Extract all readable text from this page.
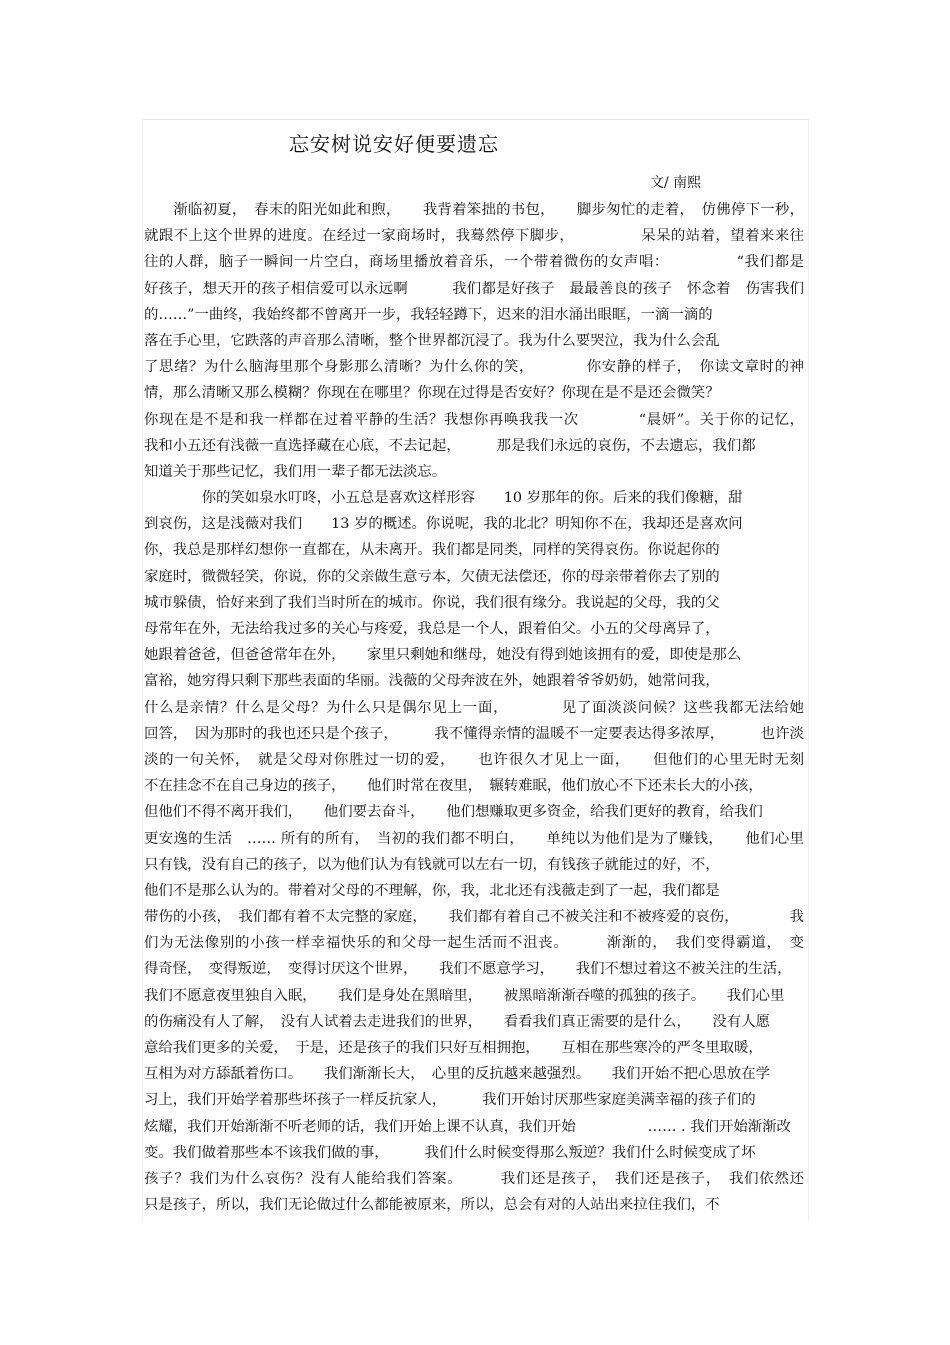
忘安树说安好便要遗忘
文/ 南熙
　　渐临初夏，　春末的阳光如此和煦，　　我背着笨拙的书包，　　脚步匆忙的走着，　仿佛停下一秒，
就跟不上这个世界的进度。在经过一家商场时，我蓦然停下脚步，　　　　　呆呆的站着，望着来来往
往的人群，脑子一瞬间一片空白，商场里播放着音乐，一个带着微伤的女声唱：　　　　　“我们都是
好孩子，想天开的孩子相信爱可以永远啊　　　我们都是好孩子　最最善良的孩子　怀念着　伤害我们
的……”一曲终，我始终都不曾离开一步，我轻轻蹲下，迟来的泪水涌出眼眶，一滴一滴的
落在手心里，它跌落的声音那么清晰，整个世界都沉浸了。我为什么要哭泣，我为什么会乱
了思绪？为什么脑海里那个身影那么清晰？为什么你的笑，　　　　你安静的样子，　你读文章时的神
情，那么清晰又那么模糊？你现在在哪里？你现在过得是否安好？你现在是不是还会微笑？
你现在是不是和我一样都在过着平静的生活？我想你再唤我我一次　　　　“晨妍”。关于你的记忆，
我和小五还有浅薇一直选择藏在心底，不去记起，　　　那是我们永远的哀伤，不去遗忘，我们都
知道关于那些记忆，我们用一辈子都无法淡忘。
　　　　你的笑如泉水叮咚，小五总是喜欢这样形容　　10 岁那年的你。后来的我们像糖，甜
到哀伤，这是浅薇对我们　　13 岁的概述。你说呢，我的北北？明知你不在，我却还是喜欢问
你，我总是那样幻想你一直都在，从未离开。我们都是同类，同样的笑得哀伤。你说起你的
家庭时，微微轻笑，你说，你的父亲做生意亏本，欠债无法偿还，你的母亲带着你去了别的
城市躲债，恰好来到了我们当时所在的城市。你说，我们很有缘分。我说起的父母，我的父
母常年在外，无法给我过多的关心与疼爱，我总是一个人，跟着伯父。小五的父母离异了，
她跟着爸爸，但爸爸常年在外，　　家里只剩她和继母，她没有得到她该拥有的爱，即使是那么
富裕，她穷得只剩下那些表面的华丽。浅薇的父母奔波在外，她跟着爷爷奶奶，她常问我，
什么是亲情？什么是父母？为什么只是偶尔见上一面，　　　　见了面淡淡问候？这些我都无法给她
回答，　因为那时的我也还只是个孩子，　　　我不懂得亲情的温暖不一定要表达得多浓厚，　　　也许淡
淡的一句关怀，　就是父母对你胜过一切的爱，　　也许很久才见上一面，　　但他们的心里无时无刻
不在挂念不在自己身边的孩子，　　他们时常在夜里，　辗转难眠，他们放心不下还未长大的小孩，
但他们不得不离开我们，　　他们要去奋斗，　　他们想赚取更多资金，给我们更好的教育，给我们
更安逸的生活　…… 所有的所有，　当初的我们都不明白，　　单纯以为他们是为了赚钱，　　他们心里
只有钱，没有自己的孩子，以为他们认为有钱就可以左右一切，有钱孩子就能过的好，不，
他们不是那么认为的。带着对父母的不理解，你，我，北北还有浅薇走到了一起，我们都是
带伤的小孩，　我们都有着不太完整的家庭，　　我们都有着自己不被关注和不被疼爱的哀伤，　　　　我
们为无法像别的小孩一样幸福快乐的和父母一起生活而不沮丧。　　　渐渐的，　我们变得霸道，　变
得奇怪，　变得叛逆，　变得讨厌这个世界，　　我们不愿意学习，　　我们不想过着这不被关注的生活，
我们不愿意夜里独自入眠，　　我们是身处在黑暗里，　　被黑暗渐渐吞噬的孤独的孩子。　　我们心里
的伤痛没有人了解，　没有人试着去走进我们的世界，　　看看我们真正需要的是什么，　　没有人愿
意给我们更多的关爱，　于是，还是孩子的我们只好互相拥抱，　　互相在那些寒冷的严冬里取暖，
互相为对方舔舐着伤口。　　我们渐渐长大，　心里的反抗越来越强烈。　　我们开始不把心思放在学
习上，我们开始学着那些坏孩子一样反抗家人，　　　我们开始讨厌那些家庭美满幸福的孩子们的
炫耀，我们开始渐渐不听老师的话，我们开始上课不认真，我们开始　　　　　…… . 我们开始渐渐改
变。我们做着那些本不该我们做的事，　　　我们什么时候变得那么叛逆？我们什么时候变成了坏
孩子？我们为什么哀伤？没有人能给我们答案。　　　我们还是孩子，　我们还是孩子，　我们依然还
只是孩子，所以，我们无论做过什么都能被原来，所以，总会有对的人站出来拉住我们，不
